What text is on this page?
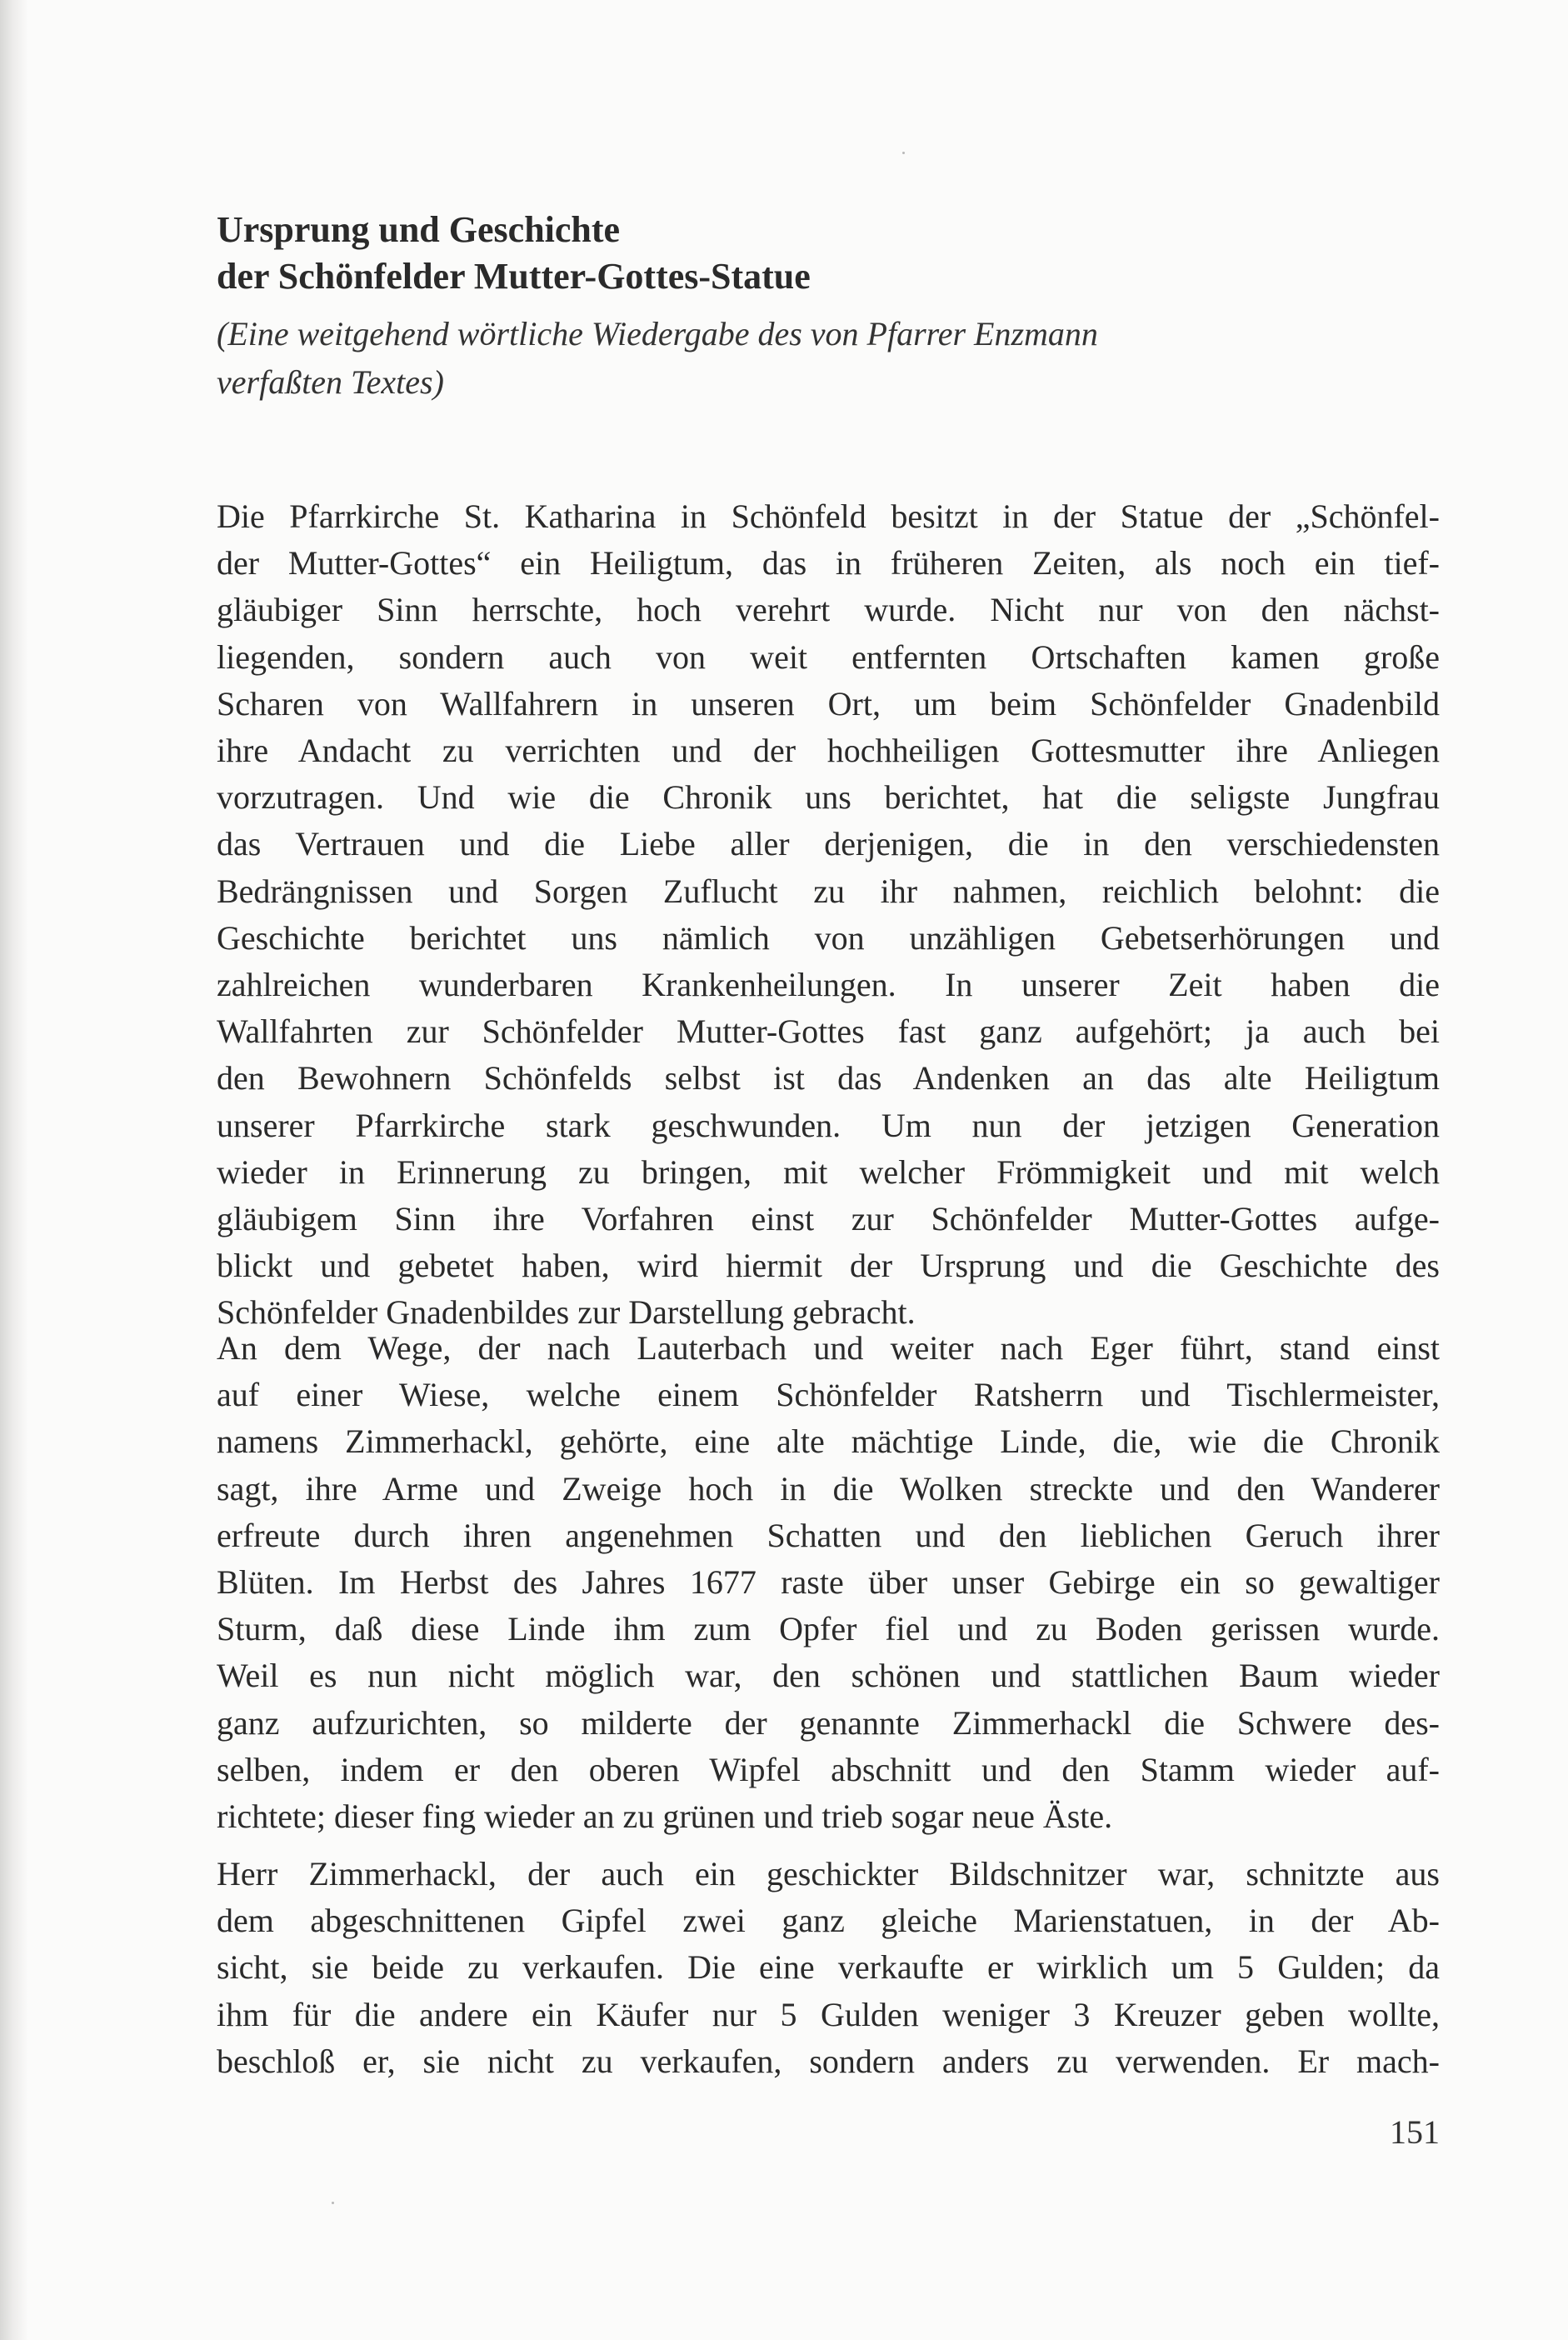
Ursprung und Geschichte
der Schönfelder Mutter-Gottes-Statue
(Eine weitgehend wörtliche Wiedergabe des von Pfarrer Enzmann
verfaßten Textes)
Die Pfarrkirche St. Katharina in Schönfeld besitzt in der Statue der „Schönfel-
der Mutter-Gottes“ ein Heiligtum, das in früheren Zeiten, als noch ein tief-
gläubiger Sinn herrschte, hoch verehrt wurde. Nicht nur von den nächst-
liegenden, sondern auch von weit entfernten Ortschaften kamen große
Scharen von Wallfahrern in unseren Ort, um beim Schönfelder Gnadenbild
ihre Andacht zu verrichten und der hochheiligen Gottesmutter ihre Anliegen
vorzutragen. Und wie die Chronik uns berichtet, hat die seligste Jungfrau
das Vertrauen und die Liebe aller derjenigen, die in den verschiedensten
Bedrängnissen und Sorgen Zuflucht zu ihr nahmen, reichlich belohnt: die
Geschichte berichtet uns nämlich von unzähligen Gebetserhörungen und
zahlreichen wunderbaren Krankenheilungen. In unserer Zeit haben die
Wallfahrten zur Schönfelder Mutter-Gottes fast ganz aufgehört; ja auch bei
den Bewohnern Schönfelds selbst ist das Andenken an das alte Heiligtum
unserer Pfarrkirche stark geschwunden. Um nun der jetzigen Generation
wieder in Erinnerung zu bringen, mit welcher Frömmigkeit und mit welch
gläubigem Sinn ihre Vorfahren einst zur Schönfelder Mutter-Gottes aufge-
blickt und gebetet haben, wird hiermit der Ursprung und die Geschichte des
Schönfelder Gnadenbildes zur Darstellung gebracht.
An dem Wege, der nach Lauterbach und weiter nach Eger führt, stand einst
auf einer Wiese, welche einem Schönfelder Ratsherrn und Tischlermeister,
namens Zimmerhackl, gehörte, eine alte mächtige Linde, die, wie die Chronik
sagt, ihre Arme und Zweige hoch in die Wolken streckte und den Wanderer
erfreute durch ihren angenehmen Schatten und den lieblichen Geruch ihrer
Blüten. Im Herbst des Jahres 1677 raste über unser Gebirge ein so gewaltiger
Sturm, daß diese Linde ihm zum Opfer fiel und zu Boden gerissen wurde.
Weil es nun nicht möglich war, den schönen und stattlichen Baum wieder
ganz aufzurichten, so milderte der genannte Zimmerhackl die Schwere des-
selben, indem er den oberen Wipfel abschnitt und den Stamm wieder auf-
richtete; dieser fing wieder an zu grünen und trieb sogar neue Äste.
Herr Zimmerhackl, der auch ein geschickter Bildschnitzer war, schnitzte aus
dem abgeschnittenen Gipfel zwei ganz gleiche Marienstatuen, in der Ab-
sicht, sie beide zu verkaufen. Die eine verkaufte er wirklich um 5 Gulden; da
ihm für die andere ein Käufer nur 5 Gulden weniger 3 Kreuzer geben wollte,
beschloß er, sie nicht zu verkaufen, sondern anders zu verwenden. Er mach-
151
